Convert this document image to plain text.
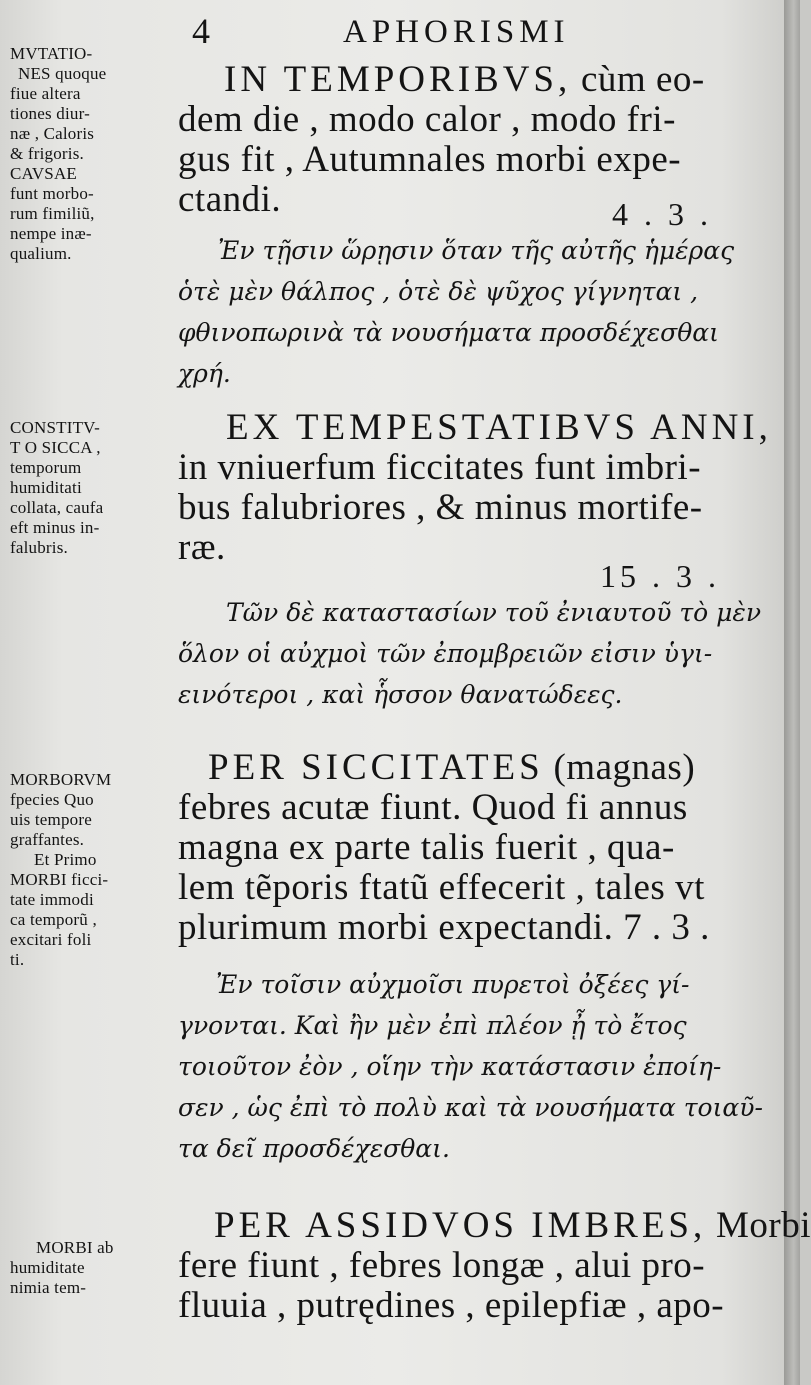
4	APHORISMI
MVTATIO-
NES quoque
fiue altera
tiones diur-
næ , Caloris
& frigoris.
CAVSAE
funt morbo-
rum fimiliũ,
nempe inæ-
qualium.
CONSTITV-
T O SICCA ,
temporum
humiditati
collata, caufa
eft minus in-
falubris.
MORBORVM
fpecies Quo
uis tempore
graffantes.
Et Primo
MORBI ficci-
tate immodi
ca temporũ ,
excitari foli
ti.
MORBI ab
humiditate
nimia tem-
IN TEMPORIBVS, cùm eo-
dem die , modo calor , modo fri-
gus fit , Autumnales morbi expe-
ctandi.	4 . 3 .
Ἐν τῇσιν ὥρῃσιν ὅταν τῆς αὐτῆς ἡμέρας
ὁτὲ μὲν θάλπος , ὁτὲ δὲ ψῦχος γίγνηται ,
φθινοπωρινὰ τὰ νουσήματα προσδέχεσθαι
χρή.
EX TEMPESTATIBVS ANNI,
in vniuerfum ficcitates funt imbri-
bus falubriores , & minus mortife-
ræ.
15 . 3 .
Τῶν δὲ καταστασίων τοῦ ἐνιαυτοῦ τὸ μὲν
ὅλον οἱ αὐχμοὶ τῶν ἐπομβρειῶν εἰσιν ὑγι-
εινότεροι , καὶ ἧσσον θανατώδεες.
PER SICCITATES (magnas)
febres acutæ fiunt. Quod fi annus
magna ex parte talis fuerit , qua-
lem tẽporis ftatũ effecerit , tales vt
plurimum morbi expectandi. 7 . 3 .
Ἐν τοῖσιν αὐχμοῖσι πυρετοὶ ὀξέες γί-
γνονται. Καὶ ἢν μὲν ἐπὶ πλέον ᾖ τὸ ἔτος
τοιοῦτον ἐὸν , οἵην τὴν κατάστασιν ἐποίη-
σεν , ὡς ἐπὶ τὸ πολὺ καὶ τὰ νουσήματα τοιαῦ-
τα δεῖ προσδέχεσθαι.
PER ASSIDVOS IMBRES, Morbi
fere fiunt , febres longæ , alui pro-
fluuia , putrędines , epilepfiæ , apo-
